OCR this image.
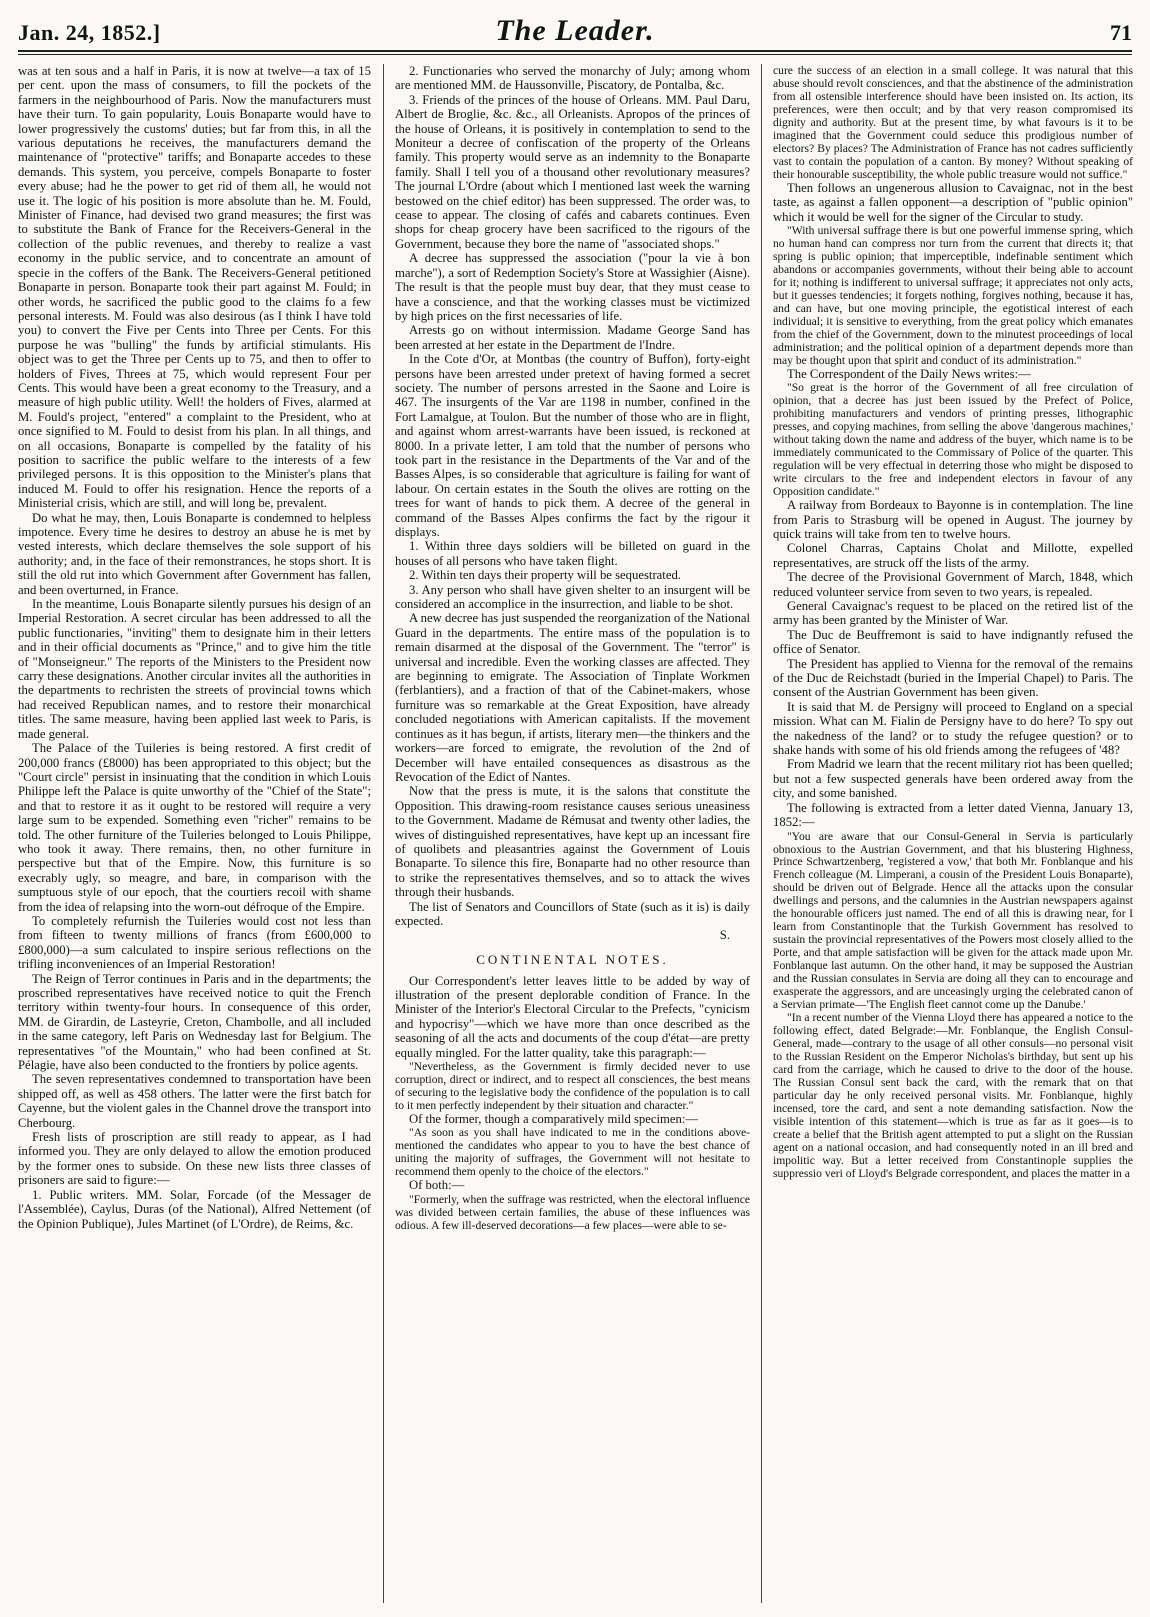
Jan. 24, 1852.]	The Leader.	71

was at ten sous and a half in Paris, it is now at twelve—a tax of 15 per cent. upon the mass of consumers, to fill the pockets of the farmers in the neighbourhood of Paris. Now the manufacturers must have their turn. To gain popularity, Louis Bonaparte would have to lower progressively the customs' duties; but far from this, in all the various deputations he receives, the manufacturers demand the maintenance of "protective" tariffs; and Bonaparte accedes to these demands. This system, you perceive, compels Bonaparte to foster every abuse; had he the power to get rid of them all, he would not use it. The logic of his position is more absolute than he. M. Fould, Minister of Finance, had devised two grand measures; the first was to substitute the Bank of France for the Receivers-General in the collection of the public revenues, and thereby to realize a vast economy in the public service, and to concentrate an amount of specie in the coffers of the Bank. The Receivers-General petitioned Bonaparte in person. Bonaparte took their part against M. Fould; in other words, he sacrificed the public good to the claims fo a few personal interests. M. Fould was also desirous (as I think I have told you) to convert the Five per Cents into Three per Cents. For this purpose he was "bulling" the funds by artificial stimulants. His object was to get the Three per Cents up to 75, and then to offer to holders of Fives, Threes at 75, which would represent Four per Cents. This would have been a great economy to the Treasury, and a measure of high public utility. Well! the holders of Fives, alarmed at M. Fould's project, "entered" a complaint to the President, who at once signified to M. Fould to desist from his plan. In all things, and on all occasions, Bonaparte is compelled by the fatality of his position to sacrifice the public welfare to the interests of a few privileged persons. It is this opposition to the Minister's plans that induced M. Fould to offer his resignation. Hence the reports of a Ministerial crisis, which are still, and will long be, prevalent.

Do what he may, then, Louis Bonaparte is condemned to helpless impotence. Every time he desires to destroy an abuse he is met by vested interests, which declare themselves the sole support of his authority; and, in the face of their remonstrances, he stops short. It is still the old rut into which Government after Government has fallen, and been overturned, in France.

In the meantime, Louis Bonaparte silently pursues his design of an Imperial Restoration. A secret circular has been addressed to all the public functionaries, "inviting" them to designate him in their letters and in their official documents as "Prince," and to give him the title of "Monseigneur." The reports of the Ministers to the President now carry these designations. Another circular invites all the authorities in the departments to rechristen the streets of provincial towns which had received Republican names, and to restore their monarchical titles. The same measure, having been applied last week to Paris, is made general.

The Palace of the Tuileries is being restored. A first credit of 200,000 francs (£8000) has been appropriated to this object; but the "Court circle" persist in insinuating that the condition in which Louis Philippe left the Palace is quite unworthy of the "Chief of the State"; and that to restore it as it ought to be restored will require a very large sum to be expended. Something even "richer" remains to be told. The other furniture of the Tuileries belonged to Louis Philippe, who took it away. There remains, then, no other furniture in perspective but that of the Empire. Now, this furniture is so execrably ugly, so meagre, and bare, in comparison with the sumptuous style of our epoch, that the courtiers recoil with shame from the idea of relapsing into the worn-out défroque of the Empire.

To completely refurnish the Tuileries would cost not less than from fifteen to twenty millions of francs (from £600,000 to £800,000)—a sum calculated to inspire serious reflections on the trifling inconveniences of an Imperial Restoration!

The Reign of Terror continues in Paris and in the departments; the proscribed representatives have received notice to quit the French territory within twenty-four hours. In consequence of this order, MM. de Girardin, de Lasteyrie, Creton, Chambolle, and all included in the same category, left Paris on Wednesday last for Belgium. The representatives "of the Mountain," who had been confined at St. Pélagie, have also been conducted to the frontiers by police agents.

The seven representatives condemned to transportation have been shipped off, as well as 458 others. The latter were the first batch for Cayenne, but the violent gales in the Channel drove the transport into Cherbourg.

Fresh lists of proscription are still ready to appear, as I had informed you. They are only delayed to allow the emotion produced by the former ones to subside. On these new lists three classes of prisoners are said to figure:—

1. Public writers. MM. Solar, Forcade (of the Messager de l'Assemblée), Caylus, Duras (of the National), Alfred Nettement (of the Opinion Publique), Jules Martinet (of L'Ordre), de Reims, &c.

2. Functionaries who served the monarchy of July; among whom are mentioned MM. de Haussonville, Piscatory, de Pontalba, &c.

3. Friends of the princes of the house of Orleans. MM. Paul Daru, Albert de Broglie, &c. &c., all Orleanists. Apropos of the princes of the house of Orleans, it is positively in contemplation to send to the Moniteur a decree of confiscation of the property of the Orleans family. This property would serve as an indemnity to the Bonaparte family. Shall I tell you of a thousand other revolutionary measures? The journal L'Ordre (about which I mentioned last week the warning bestowed on the chief editor) has been suppressed. The order was, to cease to appear. The closing of cafés and cabarets continues. Even shops for cheap grocery have been sacrificed to the rigours of the Government, because they bore the name of "associated shops."

A decree has suppressed the association ("pour la vie à bon marche"), a sort of Redemption Society's Store at Wassighier (Aisne). The result is that the people must buy dear, that they must cease to have a conscience, and that the working classes must be victimized by high prices on the first necessaries of life.

Arrests go on without intermission. Madame George Sand has been arrested at her estate in the Department de l'Indre.

In the Cote d'Or, at Montbas (the country of Buffon), forty-eight persons have been arrested under pretext of having formed a secret society. The number of persons arrested in the Saone and Loire is 467. The insurgents of the Var are 1198 in number, confined in the Fort Lamalgue, at Toulon. But the number of those who are in flight, and against whom arrest-warrants have been issued, is reckoned at 8000. In a private letter, I am told that the number of persons who took part in the resistance in the Departments of the Var and of the Basses Alpes, is so considerable that agriculture is failing for want of labour. On certain estates in the South the olives are rotting on the trees for want of hands to pick them. A decree of the general in command of the Basses Alpes confirms the fact by the rigour it displays.

1. Within three days soldiers will be billeted on guard in the houses of all persons who have taken flight.

2. Within ten days their property will be sequestrated.

3. Any person who shall have given shelter to an insurgent will be considered an accomplice in the insurrection, and liable to be shot.

A new decree has just suspended the reorganization of the National Guard in the departments. The entire mass of the population is to remain disarmed at the disposal of the Government. The "terror" is universal and incredible. Even the working classes are affected. They are beginning to emigrate. The Association of Tinplate Workmen (ferblantiers), and a fraction of that of the Cabinet-makers, whose furniture was so remarkable at the Great Exposition, have already concluded negotiations with American capitalists. If the movement continues as it has begun, if artists, literary men—the thinkers and the workers—are forced to emigrate, the revolution of the 2nd of December will have entailed consequences as disastrous as the Revocation of the Edict of Nantes.

Now that the press is mute, it is the salons that constitute the Opposition. This drawing-room resistance causes serious uneasiness to the Government. Madame de Rémusat and twenty other ladies, the wives of distinguished representatives, have kept up an incessant fire of quolibets and pleasantries against the Government of Louis Bonaparte. To silence this fire, Bonaparte had no other resource than to strike the representatives themselves, and so to attack the wives through their husbands.

The list of Senators and Councillors of State (such as it is) is daily expected.

S.
CONTINENTAL NOTES.

Our Correspondent's letter leaves little to be added by way of illustration of the present deplorable condition of France. In the Minister of the Interior's Electoral Circular to the Prefects, "cynicism and hypocrisy"—which we have more than once described as the seasoning of all the acts and documents of the coup d'état—are pretty equally mingled. For the latter quality, take this paragraph:—

"Nevertheless, as the Government is firmly decided never to use corruption, direct or indirect, and to respect all consciences, the best means of securing to the legislative body the confidence of the population is to call to it men perfectly independent by their situation and character."

Of the former, though a comparatively mild specimen:—

"As soon as you shall have indicated to me in the conditions above-mentioned the candidates who appear to you to have the best chance of uniting the majority of suffrages, the Government will not hesitate to recommend them openly to the choice of the electors."

Of both:—

"Formerly, when the suffrage was restricted, when the electoral influence was divided between certain families, the abuse of these influences was odious. A few ill-deserved decorations—a few places—were able to se-

cure the success of an election in a small college. It was natural that this abuse should revolt consciences, and that the abstinence of the administration from all ostensible interference should have been insisted on. Its action, its preferences, were then occult; and by that very reason compromised its dignity and authority. But at the present time, by what favours is it to be imagined that the Government could seduce this prodigious number of electors? By places? The Administration of France has not cadres sufficiently vast to contain the population of a canton. By money? Without speaking of their honourable susceptibility, the whole public treasure would not suffice."

Then follows an ungenerous allusion to Cavaignac, not in the best taste, as against a fallen opponent—a description of "public opinion" which it would be well for the signer of the Circular to study.

"With universal suffrage there is but one powerful immense spring, which no human hand can compress nor turn from the current that directs it; that spring is public opinion; that imperceptible, indefinable sentiment which abandons or accompanies governments, without their being able to account for it; nothing is indifferent to universal suffrage; it appreciates not only acts, but it guesses tendencies; it forgets nothing, forgives nothing, because it has, and can have, but one moving principle, the egotistical interest of each individual; it is sensitive to everything, from the great policy which emanates from the chief of the Government, down to the minutest proceedings of local administration; and the political opinion of a department depends more than may be thought upon that spirit and conduct of its administration."

The Correspondent of the Daily News writes:—

"So great is the horror of the Government of all free circulation of opinion, that a decree has just been issued by the Prefect of Police, prohibiting manufacturers and vendors of printing presses, lithographic presses, and copying machines, from selling the above 'dangerous machines,' without taking down the name and address of the buyer, which name is to be immediately communicated to the Commissary of Police of the quarter. This regulation will be very effectual in deterring those who might be disposed to write circulars to the free and independent electors in favour of any Opposition candidate."

A railway from Bordeaux to Bayonne is in contemplation. The line from Paris to Strasburg will be opened in August. The journey by quick trains will take from ten to twelve hours.

Colonel Charras, Captains Cholat and Millotte, expelled representatives, are struck off the lists of the army.

The decree of the Provisional Government of March, 1848, which reduced volunteer service from seven to two years, is repealed.

General Cavaignac's request to be placed on the retired list of the army has been granted by the Minister of War.

The Duc de Beuffremont is said to have indignantly refused the office of Senator.

The President has applied to Vienna for the removal of the remains of the Duc de Reichstadt (buried in the Imperial Chapel) to Paris. The consent of the Austrian Government has been given.

It is said that M. de Persigny will proceed to England on a special mission. What can M. Fialin de Persigny have to do here? To spy out the nakedness of the land? or to study the refugee question? or to shake hands with some of his old friends among the refugees of '48?

From Madrid we learn that the recent military riot has been quelled; but not a few suspected generals have been ordered away from the city, and some banished.

The following is extracted from a letter dated Vienna, January 13, 1852:—

"You are aware that our Consul-General in Servia is particularly obnoxious to the Austrian Government, and that his blustering Highness, Prince Schwartzenberg, 'registered a vow,' that both Mr. Fonblanque and his French colleague (M. Limperani, a cousin of the President Louis Bonaparte), should be driven out of Belgrade. Hence all the attacks upon the consular dwellings and persons, and the calumnies in the Austrian newspapers against the honourable officers just named. The end of all this is drawing near, for I learn from Constantinople that the Turkish Government has resolved to sustain the provincial representatives of the Powers most closely allied to the Porte, and that ample satisfaction will be given for the attack made upon Mr. Fonblanque last autumn. On the other hand, it may be supposed the Austrian and the Russian consulates in Servia are doing all they can to encourage and exasperate the aggressors, and are unceasingly urging the celebrated canon of a Servian primate—'The English fleet cannot come up the Danube.'

"In a recent number of the Vienna Lloyd there has appeared a notice to the following effect, dated Belgrade:—Mr. Fonblanque, the English Consul-General, made—contrary to the usage of all other consuls—no personal visit to the Russian Resident on the Emperor Nicholas's birthday, but sent up his card from the carriage, which he caused to drive to the door of the house. The Russian Consul sent back the card, with the remark that on that particular day he only received personal visits. Mr. Fonblanque, highly incensed, tore the card, and sent a note demanding satisfaction. Now the visible intention of this statement—which is true as far as it goes—is to create a belief that the British agent attempted to put a slight on the Russian agent on a national occasion, and had consequently noted in an ill bred and impolitic way. But a letter received from Constantinople supplies the suppressio veri of Lloyd's Belgrade correspondent, and places the matter in a
